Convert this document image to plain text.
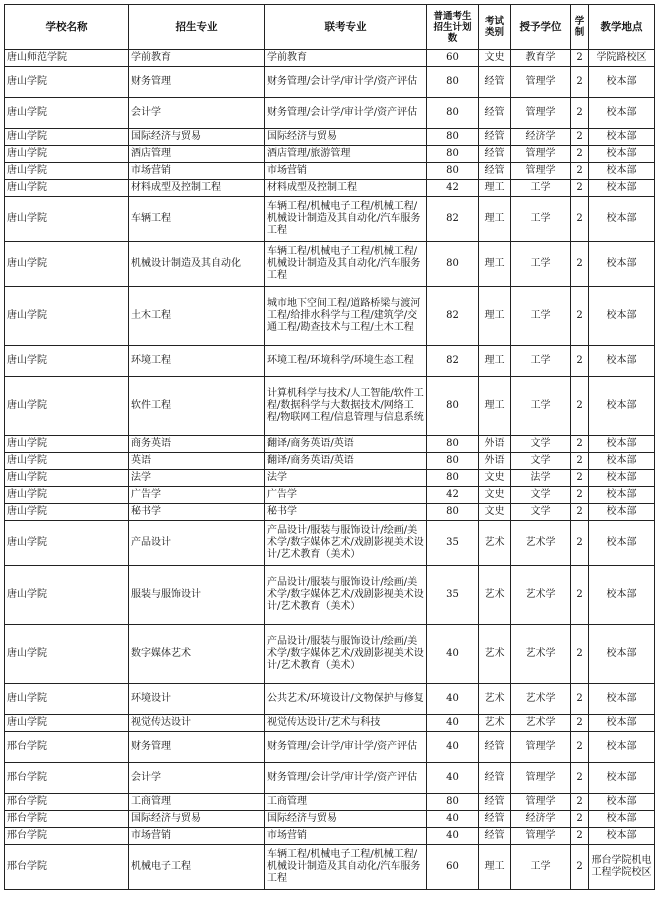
学校名称	招生专业	联考专业	普通考生招生计划数	考试类别	授予学位	学制	教学地点
唐山师范学院	学前教育	学前教育	60	文史	教育学	2	学院路校区
唐山学院	财务管理	财务管理/会计学/审计学/资产评估	80	经管	管理学	2	校本部
唐山学院	会计学	财务管理/会计学/审计学/资产评估	80	经管	管理学	2	校本部
唐山学院	国际经济与贸易	国际经济与贸易	80	经管	经济学	2	校本部
唐山学院	酒店管理	酒店管理/旅游管理	80	经管	管理学	2	校本部
唐山学院	市场营销	市场营销	80	经管	管理学	2	校本部
唐山学院	材料成型及控制工程	材料成型及控制工程	42	理工	工学	2	校本部
唐山学院	车辆工程	车辆工程/机械电子工程/机械工程/机械设计制造及其自动化/汽车服务工程	82	理工	工学	2	校本部
唐山学院	机械设计制造及其自动化	车辆工程/机械电子工程/机械工程/机械设计制造及其自动化/汽车服务工程	80	理工	工学	2	校本部
唐山学院	土木工程	城市地下空间工程/道路桥梁与渡河工程/给排水科学与工程/建筑学/交通工程/勘查技术与工程/土木工程	82	理工	工学	2	校本部
唐山学院	环境工程	环境工程/环境科学/环境生态工程	82	理工	工学	2	校本部
唐山学院	软件工程	计算机科学与技术/人工智能/软件工程/数据科学与大数据技术/网络工程/物联网工程/信息管理与信息系统	80	理工	工学	2	校本部
唐山学院	商务英语	翻译/商务英语/英语	80	外语	文学	2	校本部
唐山学院	英语	翻译/商务英语/英语	80	外语	文学	2	校本部
唐山学院	法学	法学	80	文史	法学	2	校本部
唐山学院	广告学	广告学	42	文史	文学	2	校本部
唐山学院	秘书学	秘书学	80	文史	文学	2	校本部
唐山学院	产品设计	产品设计/服装与服饰设计/绘画/美术学/数字媒体艺术/戏剧影视美术设计/艺术教育（美术）	35	艺术	艺术学	2	校本部
唐山学院	服装与服饰设计	产品设计/服装与服饰设计/绘画/美术学/数字媒体艺术/戏剧影视美术设计/艺术教育（美术）	35	艺术	艺术学	2	校本部
唐山学院	数字媒体艺术	产品设计/服装与服饰设计/绘画/美术学/数字媒体艺术/戏剧影视美术设计/艺术教育（美术）	40	艺术	艺术学	2	校本部
唐山学院	环境设计	公共艺术/环境设计/文物保护与修复	40	艺术	艺术学	2	校本部
唐山学院	视觉传达设计	视觉传达设计/艺术与科技	40	艺术	艺术学	2	校本部
邢台学院	财务管理	财务管理/会计学/审计学/资产评估	40	经管	管理学	2	校本部
邢台学院	会计学	财务管理/会计学/审计学/资产评估	40	经管	管理学	2	校本部
邢台学院	工商管理	工商管理	80	经管	管理学	2	校本部
邢台学院	国际经济与贸易	国际经济与贸易	40	经管	经济学	2	校本部
邢台学院	市场营销	市场营销	40	经管	管理学	2	校本部
邢台学院	机械电子工程	车辆工程/机械电子工程/机械工程/机械设计制造及其自动化/汽车服务工程	60	理工	工学	2	邢台学院机电工程学院校区
